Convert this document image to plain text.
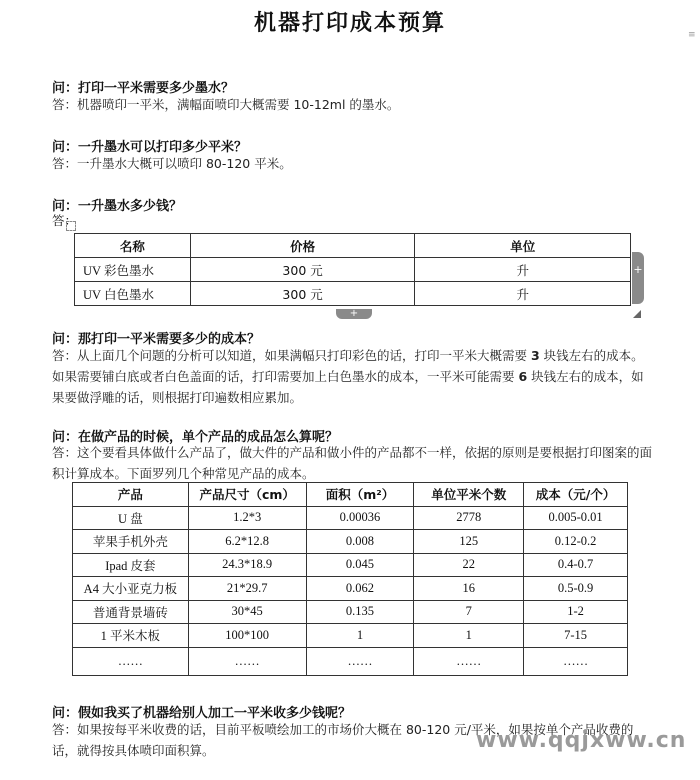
机器打印成本预算	≡
问：打印一平米需要多少墨水？
答：机器喷印一平米，满幅面喷印大概需要 10-12ml 的墨水。
问：一升墨水可以打印多少平米？
答：一升墨水大概可以喷印 80-120 平米。
问：一升墨水多少钱？
答：
名称	价格	单位
UV 彩色墨水	300 元	升
UV 白色墨水	300 元	升
+
+
问：那打印一平米需要多少的成本？
答：从上面几个问题的分析可以知道，如果满幅只打印彩色的话，打印一平米大概需要 3 块钱左右的成本。如果需要铺白底或者白色盖面的话，打印需要加上白色墨水的成本，一平米可能需要 6 块钱左右的成本，如果要做浮雕的话，则根据打印遍数相应累加。
问：在做产品的时候，单个产品的成品怎么算呢？
答：这个要看具体做什么产品了，做大件的产品和做小件的产品都不一样，依据的原则是要根据打印图案的面积计算成本。下面罗列几个种常见产品的成本。
产品	产品尺寸（cm）	面积（m²）	单位平米个数	成本（元/个）
U 盘	1.2*3	0.00036	2778	0.005-0.01
苹果手机外壳	6.2*12.8	0.008	125	0.12-0.2
Ipad 皮套	24.3*18.9	0.045	22	0.4-0.7
A4 大小亚克力板	21*29.7	0.062	16	0.5-0.9
普通背景墙砖	30*45	0.135	7	1-2
1 平米木板	100*100	1	1	7-15
……	……	……	……	……
问：假如我买了机器给别人加工一平米收多少钱呢？
答：如果按每平米收费的话，目前平板喷绘加工的市场价大概在 80-120 元/平米，如果按单个产品收费的话，就得按具体喷印面积算。	www.qqjxww.cn
